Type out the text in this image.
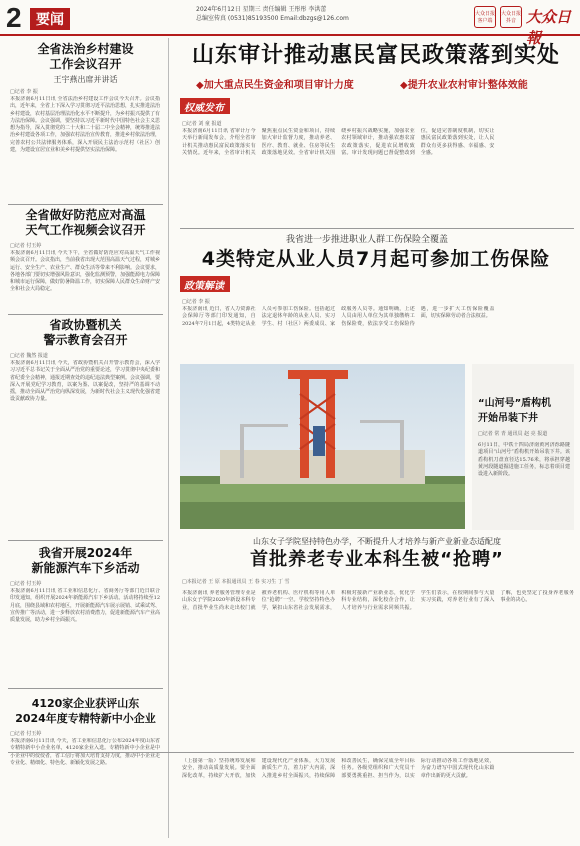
2	要闻
2024年6月12日 星期三 责任编辑 王彤彤 李洪蕾
总编室传真 (0531)85193500 Email:dbzgs@126.com
大众日报 客户端
大众日报 抖音 大众日報
全省法治乡村建设
工作会议召开
王宇燕出席并讲话
□记者 李 振
本报济南6月11日讯 全省法治乡村建设工作会议今天召开。会议指出，近年来，全省上下深入学习贯彻习近平法治思想，扎实推进法治乡村建设，农村基层治理法治化水平不断提升，为乡村振兴提供了有力法治保障。会议强调，要坚持以习近平新时代中国特色社会主义思想为指导，深入贯彻党的二十大和二十届二中全会精神，统筹推进法治乡村建设各项工作，加强农村法治宣传教育，推进乡村依法治理，完善农村公共法律服务体系，深入开展民主法治示范村（社区）创建，为建设宜居宜业和美乡村提供坚实法治保障。
全省做好防范应对高温
天气工作视频会议召开
□记者 付玉婷
本报济南6月11日讯 今天下午，全省做好防范应对高温天气工作视频会议召开。会议指出，当前我省出现大范围高温天气过程，对城乡运行、安全生产、农业生产、群众生活等带来不利影响。会议要求，各地各部门要切实增强风险意识，强化监测预警，加强能源电力保障和城市运行保障，做好防暑降温工作，切实保障人民群众生命财产安全和社会大局稳定。
省政协暨机关
警示教育会召开
□记者 魏然 报道
本报济南6月11日讯 今天，省政协暨机关召开警示教育会，深入学习习近平总书记关于全面从严治党的重要论述，学习贯彻中央纪委和省纪委全会精神，通报近期查处的违纪违法典型案例。会议强调，要深入开展党纪学习教育，以案为鉴、以案促改，坚持严的基调不动摇，推动全面从严治党向纵深发展，为新时代社会主义现代化强省建设贡献政协力量。
我省开展2024年
新能源汽车下乡活动
□记者 付玉婷
本报济南6月11日讯 省工业和信息化厅、省商务厅等部门近日联合印发通知，组织开展2024年新能源汽车下乡活动。活动将持续至12月底，围绕县域和农村地区，开展新能源汽车展示展销、试乘试驾、宣传推广等活动，进一步释放农村消费潜力，促进新能源汽车产业高质量发展，助力乡村全面振兴。
4120家企业获评山东
2024年度专精特新中小企业
□记者 付玉婷
本报济南6月11日讯 今天，省工业和信息化厅公布2024年度山东省专精特新中小企业名单，4120家企业入选。专精特新中小企业是中小企业中的佼佼者，省工信厅将加大培育支持力度，推动中小企业走专业化、精细化、特色化、新颖化发展之路。
山东审计推动惠民富民政策落到实处
◆加大重点民生资金和项目审计力度	◆提升农业农村审计整体效能
权威发布
□记者 刘 童 报道
本报济南6月11日讯 省审计厅今天举行新闻发布会，介绍全省审计机关推动惠民富民政策落实有关情况。近年来，全省审计机关聚焦重点民生资金和项目，持续加大审计监督力度，推动养老、医疗、教育、就业、住房等民生政策落地见效。全省审计机关围绕乡村振兴战略实施，加强农业农村领域审计，推动强农惠农富农政策落实，促进农民增收致富。审计发现问题已督促整改到位，促进完善制度机制，切实让惠民富民政策落到实处，让人民群众有更多获得感、幸福感、安全感。
我省进一步推进职业人群工伤保险全覆盖
4类特定从业人员7月起可参加工伤保险
政策解读
□记者 李 振
本报济南讯 近日，省人力资源社会保障厅等部门印发通知，自2024年7月1日起，4类特定从业人员可参加工伤保险。包括超过法定退休年龄的从业人员、实习学生、村（社区）两委成员、家政服务人员等。通知明确，上述人员由用人单位为其单独缴纳工伤保险费，依法享受工伤保险待遇，进一步扩大工伤保险覆盖面，切实保障劳动者合法权益。
“山河号”盾构机
开始吊装下井
□记者 常 青 通讯员 赵 亮 报道
6月11日，中铁十四局济南黄河济泺路隧道项目“山河号”盾构机开始吊装下井。该盾构机刀盘直径达15.76米，将承担穿越黄河段隧道掘进施工任务，标志着项目建设进入新阶段。
山东女子学院坚持特色办学，不断提升人才培养与新产业新业态适配度
首批养老专业本科生被“抢聘”
□本报记者 王 原 本报通讯员 王 春 实习生 丁 雪
本报济南讯 养老服务管理专业是山东女子学院2020年新设本科专业，首批毕业生尚未走出校门就被养老机构、医疗机构等用人单位“抢聘”一空。学校坚持特色办学，紧扣山东省社会发展需求，积极对接新产业新业态，优化学科专业结构，深化校企合作，让人才培养与行业需求同频共振。学生们表示，在校期间参与大量实习实践，对养老行业有了深入了解，也更坚定了投身养老服务事业的决心。
（上接第一版）坚持统筹发展和安全，推动高质量发展。要全面深化改革，持续扩大开放，加快建设现代化产业体系，大力发展新质生产力，着力扩大内需，深入推进乡村全面振兴，持续保障和改善民生，确保完成全年目标任务。各级党组织和广大党员干部要勇挑重担、担当作为，以实际行动推动各项工作落地见效，为奋力谱写中国式现代化山东篇章作出新的更大贡献。
